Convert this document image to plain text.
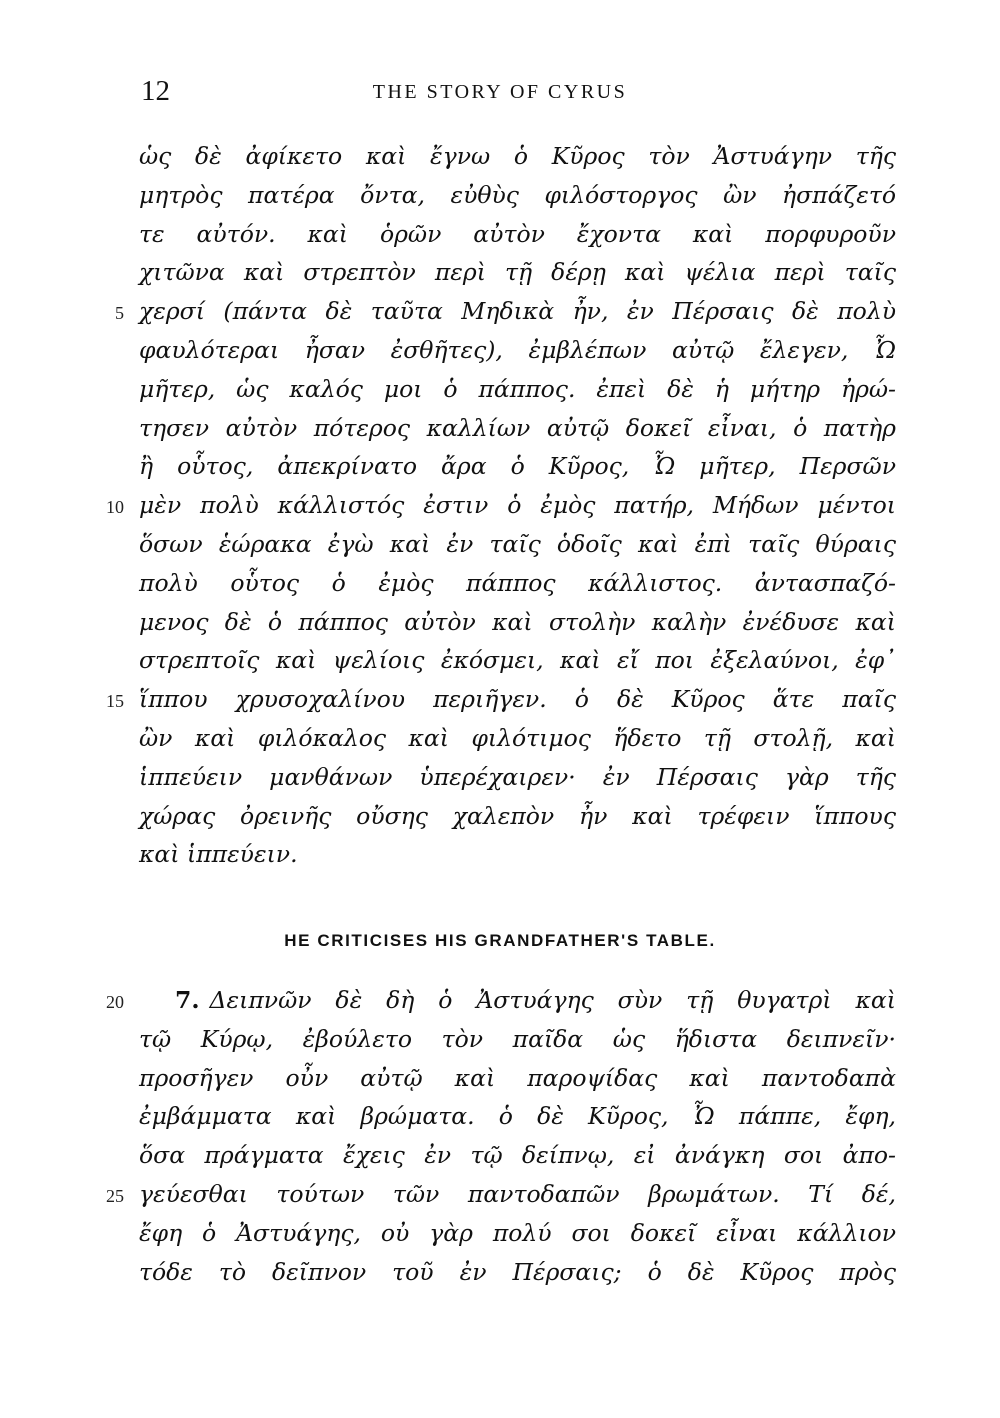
12	THE STORY OF CYRUS
ὡς δὲ ἀφίκετο καὶ ἔγνω ὁ Κῦρος τὸν Ἀστυάγην τῆς
μητρὸς πατέρα ὄντα, εὐθὺς φιλόστοργος ὢν ἠσπάζετό
τε αὐτόν. καὶ ὁρῶν αὐτὸν ἔχοντα καὶ πορφυροῦν
χιτῶνα καὶ στρεπτὸν περὶ τῇ δέρῃ καὶ ψέλια περὶ ταῖς
5 χερσί (πάντα δὲ ταῦτα Μηδικὰ ἦν, ἐν Πέρσαις δὲ πολὺ
φαυλότεραι ἦσαν ἐσθῆτες), ἐμβλέπων αὐτῷ ἔλεγεν, Ὦ
μῆτερ, ὡς καλός μοι ὁ πάππος. ἐπεὶ δὲ ἡ μήτηρ ἠρώ-
τησεν αὐτὸν πότερος καλλίων αὐτῷ δοκεῖ εἶναι, ὁ πατὴρ
ἢ οὗτος, ἀπεκρίνατο ἄρα ὁ Κῦρος, Ὦ μῆτερ, Περσῶν
10 μὲν πολὺ κάλλιστός ἐστιν ὁ ἐμὸς πατήρ, Μήδων μέντοι
ὅσων ἑώρακα ἐγὼ καὶ ἐν ταῖς ὁδοῖς καὶ ἐπὶ ταῖς θύραις
πολὺ οὗτος ὁ ἐμὸς πάππος κάλλιστος. ἀντασπαζό-
μενος δὲ ὁ πάππος αὐτὸν καὶ στολὴν καλὴν ἐνέδυσε καὶ
στρεπτοῖς καὶ ψελίοις ἐκόσμει, καὶ εἴ ποι ἐξελαύνοι, ἐφ᾽
15 ἵππου χρυσοχαλίνου περιῆγεν. ὁ δὲ Κῦρος ἅτε παῖς
ὢν καὶ φιλόκαλος καὶ φιλότιμος ἥδετο τῇ στολῇ, καὶ
ἱππεύειν μανθάνων ὑπερέχαιρεν· ἐν Πέρσαις γὰρ τῆς
χώρας ὀρεινῆς οὔσης χαλεπὸν ἦν καὶ τρέφειν ἵππους
καὶ ἱππεύειν.
HE CRITICISES HIS GRANDFATHER'S TABLE.
20 7. Δειπνῶν δὲ δὴ ὁ Ἀστυάγης σὺν τῇ θυγατρὶ καὶ
τῷ Κύρῳ, ἐβούλετο τὸν παῖδα ὡς ἥδιστα δειπνεῖν·
προσῆγεν οὖν αὐτῷ καὶ παροψίδας καὶ παντοδαπὰ
ἐμβάμματα καὶ βρώματα. ὁ δὲ Κῦρος, Ὦ πάππε, ἔφη,
ὅσα πράγματα ἔχεις ἐν τῷ δείπνῳ, εἰ ἀνάγκη σοι ἀπο-
25 γεύεσθαι τούτων τῶν παντοδαπῶν βρωμάτων. Τί δέ,
ἔφη ὁ Ἀστυάγης, οὐ γὰρ πολύ σοι δοκεῖ εἶναι κάλλιον
τόδε τὸ δεῖπνον τοῦ ἐν Πέρσαις; ὁ δὲ Κῦρος πρὸς
